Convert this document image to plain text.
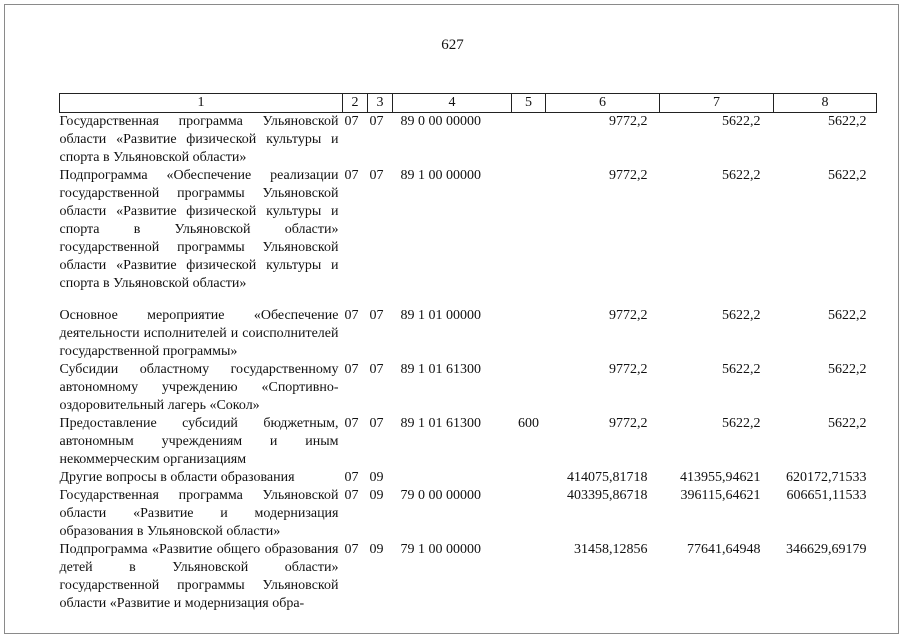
627
1	2	3	4	5	6	7	8
Государственная программа Ульяновской области «Развитие физической культуры и спорта в Ульяновской области»	07	07	89 0 00 00000		9772,2	5622,2	5622,2
Подпрограмма «Обеспечение реализации государственной программы Ульяновской области «Развитие физической культуры и спорта в Ульяновской области» государственной программы Ульяновской области «Развитие физической культуры и спорта в Ульяновской области»	07	07	89 1 00 00000		9772,2	5622,2	5622,2
Основное мероприятие «Обеспечение деятельности исполнителей и соисполнителей государственной программы»	07	07	89 1 01 00000		9772,2	5622,2	5622,2
Субсидии областному государственному автономному учреждению «Спортивно-оздоровительный лагерь «Сокол»	07	07	89 1 01 61300		9772,2	5622,2	5622,2
Предоставление субсидий бюджетным, автономным учреждениям и иным некоммерческим организациям	07	07	89 1 01 61300	600	9772,2	5622,2	5622,2
Другие вопросы в области образования	07	09			414075,81718	413955,94621	620172,71533
Государственная программа Ульяновской области «Развитие и модернизация образования в Ульяновской области»	07	09	79 0 00 00000		403395,86718	396115,64621	606651,11533
Подпрограмма «Развитие общего образования детей в Ульяновской области» государственной программы Ульяновской области «Развитие и модернизация обра-	07	09	79 1 00 00000		31458,12856	77641,64948	346629,69179
